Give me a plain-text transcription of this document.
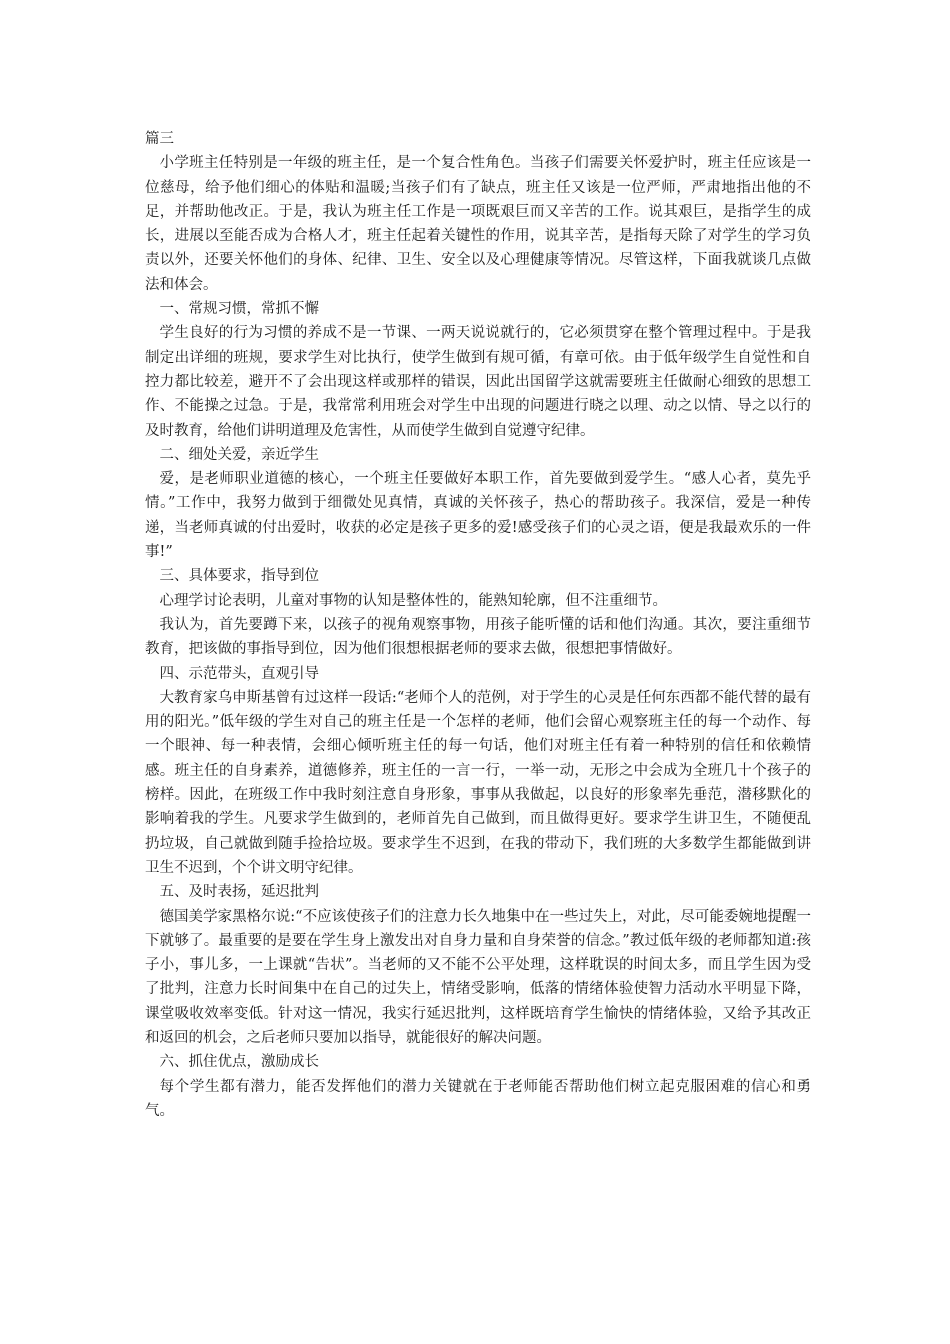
篇三

小学班主任特别是一年级的班主任，是一个复合性角色。当孩子们需要关怀爱护时，班主任应该是一位慈母，给予他们细心的体贴和温暖;当孩子们有了缺点，班主任又该是一位严师，严肃地指出他的不足，并帮助他改正。于是，我认为班主任工作是一项既艰巨而又辛苦的工作。说其艰巨，是指学生的成长，进展以至能否成为合格人才，班主任起着关键性的作用，说其辛苦，是指每天除了对学生的学习负责以外，还要关怀他们的身体、纪律、卫生、安全以及心理健康等情况。尽管这样，下面我就谈几点做法和体会。

一、常规习惯，常抓不懈

学生良好的行为习惯的养成不是一节课、一两天说说就行的，它必须贯穿在整个管理过程中。于是我制定出详细的班规，要求学生对比执行，使学生做到有规可循，有章可依。由于低年级学生自觉性和自控力都比较差，避开不了会出现这样或那样的错误，因此出国留学这就需要班主任做耐心细致的思想工作、不能操之过急。于是，我常常利用班会对学生中出现的问题进行晓之以理、动之以情、导之以行的及时教育，给他们讲明道理及危害性，从而使学生做到自觉遵守纪律。

二、细处关爱，亲近学生

爱，是老师职业道德的核心，一个班主任要做好本职工作，首先要做到爱学生。“感人心者，莫先乎情。”工作中，我努力做到于细微处见真情，真诚的关怀孩子，热心的帮助孩子。我深信，爱是一种传递，当老师真诚的付出爱时，收获的必定是孩子更多的爱!感受孩子们的心灵之语，便是我最欢乐的一件事!”

三、具体要求，指导到位

心理学讨论表明，儿童对事物的认知是整体性的，能熟知轮廓，但不注重细节。

我认为，首先要蹲下来，以孩子的视角观察事物，用孩子能听懂的话和他们沟通。其次，要注重细节教育，把该做的事指导到位，因为他们很想根据老师的要求去做，很想把事情做好。

四、示范带头，直观引导

大教育家乌申斯基曾有过这样一段话:“老师个人的范例，对于学生的心灵是任何东西都不能代替的最有用的阳光。”低年级的学生对自己的班主任是一个怎样的老师，他们会留心观察班主任的每一个动作、每一个眼神、每一种表情，会细心倾听班主任的每一句话，他们对班主任有着一种特别的信任和依赖情感。班主任的自身素养，道德修养，班主任的一言一行，一举一动，无形之中会成为全班几十个孩子的榜样。因此，在班级工作中我时刻注意自身形象，事事从我做起，以良好的形象率先垂范，潜移默化的影响着我的学生。凡要求学生做到的，老师首先自己做到，而且做得更好。要求学生讲卫生，不随便乱扔垃圾，自己就做到随手捡拾垃圾。要求学生不迟到，在我的带动下，我们班的大多数学生都能做到讲卫生不迟到，个个讲文明守纪律。

五、及时表扬，延迟批判

德国美学家黑格尔说:“不应该使孩子们的注意力长久地集中在一些过失上，对此，尽可能委婉地提醒一下就够了。最重要的是要在学生身上激发出对自身力量和自身荣誉的信念。”教过低年级的老师都知道:孩子小，事儿多，一上课就“告状”。当老师的又不能不公平处理，这样耽误的时间太多，而且学生因为受了批判，注意力长时间集中在自己的过失上，情绪受影响，低落的情绪体验使智力活动水平明显下降，课堂吸收效率变低。针对这一情况，我实行延迟批判，这样既培育学生愉快的情绪体验，又给予其改正和返回的机会，之后老师只要加以指导，就能很好的解决问题。

六、抓住优点，激励成长

每个学生都有潜力，能否发挥他们的潜力关键就在于老师能否帮助他们树立起克服困难的信心和勇气。
